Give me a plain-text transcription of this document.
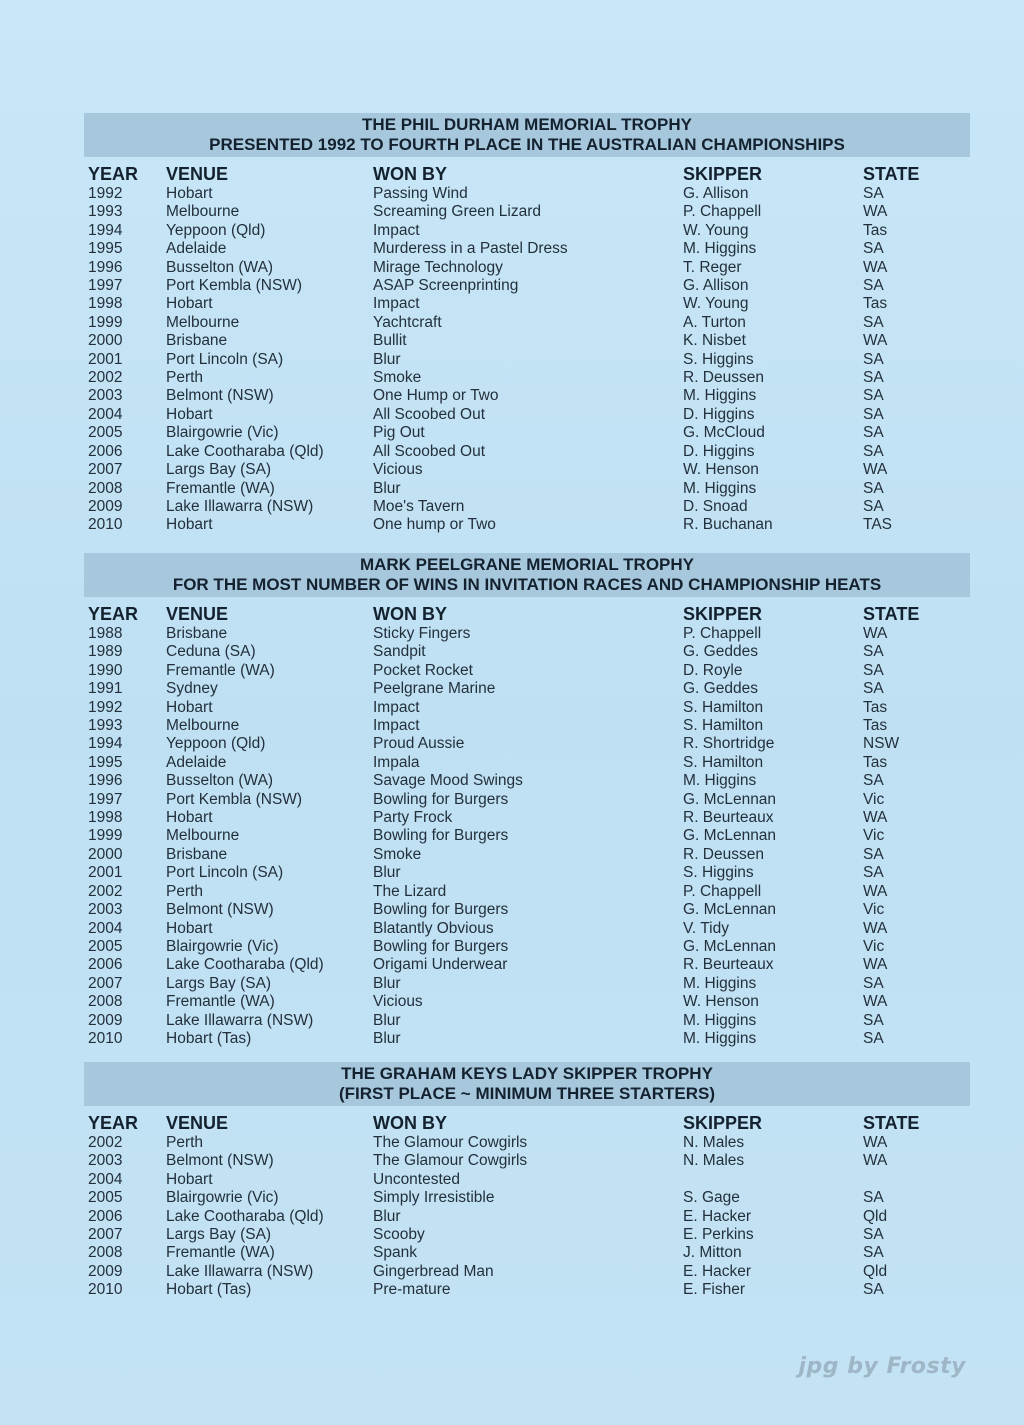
THE PHIL DURHAM MEMORIAL TROPHY
PRESENTED 1992 TO FOURTH PLACE IN THE AUSTRALIAN CHAMPIONSHIPS
YEAR	VENUE	WON BY	SKIPPER	STATE
1992	Hobart	Passing Wind	G. Allison	SA
1993	Melbourne	Screaming Green Lizard	P. Chappell	WA
1994	Yeppoon (Qld)	Impact	W. Young	Tas
1995	Adelaide	Murderess in a Pastel Dress	M. Higgins	SA
1996	Busselton (WA)	Mirage Technology	T. Reger	WA
1997	Port Kembla (NSW)	ASAP Screenprinting	G. Allison	SA
1998	Hobart	Impact	W. Young	Tas
1999	Melbourne	Yachtcraft	A. Turton	SA
2000	Brisbane	Bullit	K. Nisbet	WA
2001	Port Lincoln (SA)	Blur	S. Higgins	SA
2002	Perth	Smoke	R. Deussen	SA
2003	Belmont (NSW)	One Hump or Two	M. Higgins	SA
2004	Hobart	All Scoobed Out	D. Higgins	SA
2005	Blairgowrie (Vic)	Pig Out	G. McCloud	SA
2006	Lake Cootharaba (Qld)	All Scoobed Out	D. Higgins	SA
2007	Largs Bay (SA)	Vicious	W. Henson	WA
2008	Fremantle (WA)	Blur	M. Higgins	SA
2009	Lake Illawarra (NSW)	Moe's Tavern	D. Snoad	SA
2010	Hobart	One hump or Two	R. Buchanan	TAS
MARK PEELGRANE MEMORIAL TROPHY
FOR THE MOST NUMBER OF WINS IN INVITATION RACES AND CHAMPIONSHIP HEATS
YEAR	VENUE	WON BY	SKIPPER	STATE
1988	Brisbane	Sticky Fingers	P. Chappell	WA
1989	Ceduna (SA)	Sandpit	G. Geddes	SA
1990	Fremantle (WA)	Pocket Rocket	D. Royle	SA
1991	Sydney	Peelgrane Marine	G. Geddes	SA
1992	Hobart	Impact	S. Hamilton	Tas
1993	Melbourne	Impact	S. Hamilton	Tas
1994	Yeppoon (Qld)	Proud Aussie	R. Shortridge	NSW
1995	Adelaide	Impala	S. Hamilton	Tas
1996	Busselton (WA)	Savage Mood Swings	M. Higgins	SA
1997	Port Kembla (NSW)	Bowling for Burgers	G. McLennan	Vic
1998	Hobart	Party Frock	R. Beurteaux	WA
1999	Melbourne	Bowling for Burgers	G. McLennan	Vic
2000	Brisbane	Smoke	R. Deussen	SA
2001	Port Lincoln (SA)	Blur	S. Higgins	SA
2002	Perth	The Lizard	P. Chappell	WA
2003	Belmont (NSW)	Bowling for Burgers	G. McLennan	Vic
2004	Hobart	Blatantly Obvious	V. Tidy	WA
2005	Blairgowrie (Vic)	Bowling for Burgers	G. McLennan	Vic
2006	Lake Cootharaba (Qld)	Origami Underwear	R. Beurteaux	WA
2007	Largs Bay (SA)	Blur	M. Higgins	SA
2008	Fremantle (WA)	Vicious	W. Henson	WA
2009	Lake Illawarra (NSW)	Blur	M. Higgins	SA
2010	Hobart (Tas)	Blur	M. Higgins	SA
THE GRAHAM KEYS LADY SKIPPER TROPHY
(FIRST PLACE ~ MINIMUM THREE STARTERS)
YEAR	VENUE	WON BY	SKIPPER	STATE
2002	Perth	The Glamour Cowgirls	N. Males	WA
2003	Belmont (NSW)	The Glamour Cowgirls	N. Males	WA
2004	Hobart	Uncontested		
2005	Blairgowrie (Vic)	Simply Irresistible	S. Gage	SA
2006	Lake Cootharaba (Qld)	Blur	E. Hacker	Qld
2007	Largs Bay (SA)	Scooby	E. Perkins	SA
2008	Fremantle (WA)	Spank	J. Mitton	SA
2009	Lake Illawarra (NSW)	Gingerbread Man	E. Hacker	Qld
2010	Hobart (Tas)	Pre-mature	E. Fisher	SA
jpg by Frosty
